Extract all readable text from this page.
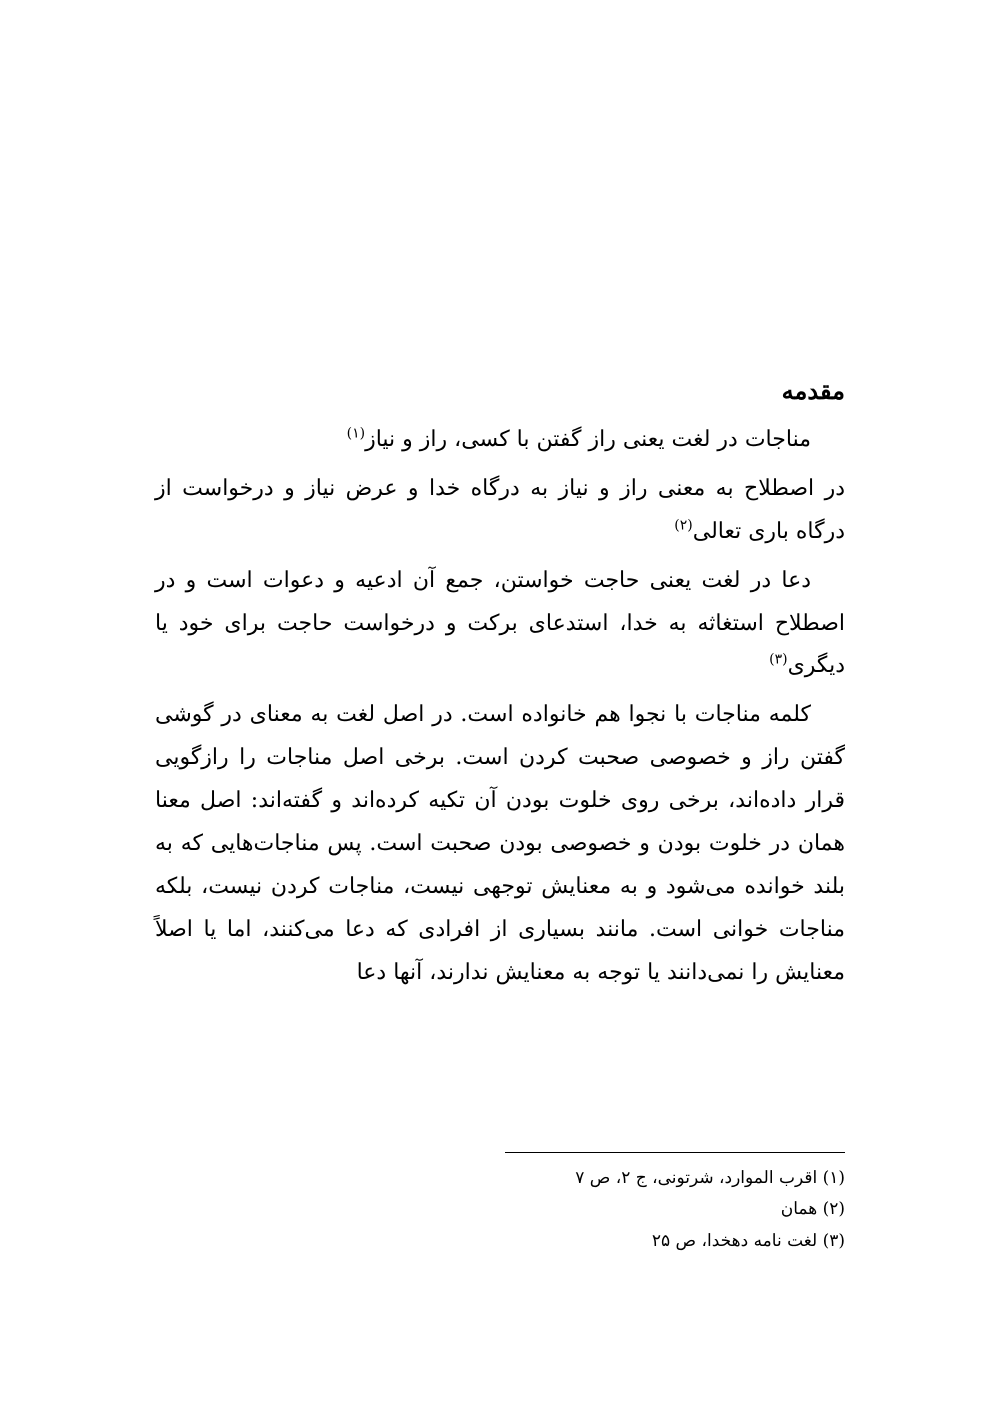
مقدمه

مناجات در لغت یعنی راز گفتن با کسی، راز و نیاز$^{(۱)}$

در اصطلاح به معنی راز و نیاز به درگاه خدا و عرض نیاز و درخواست از درگاه باری تعالی$^{(۲)}$

دعا در لغت یعنی حاجت خواستن، جمع آن ادعیه و دعوات است و در اصطلاح استغاثه به خدا، استدعای برکت و درخواست حاجت برای خود یا دیگری$^{(۳)}$

کلمه مناجات با نجوا هم خانواده است. در اصل لغت به معنای در گوشی گفتن راز و خصوصی صحبت کردن است. برخی اصل مناجات را رازگویی قرار داده‌اند، برخی روی خلوت بودن آن تکیه کرده‌اند و گفته‌اند: اصل معنا همان در خلوت بودن و خصوصی بودن صحبت است. پس مناجات‌هایی که به بلند خوانده می‌شود و به معنایش توجهی نیست، مناجات کردن نیست، بلکه مناجات خوانی است. مانند بسیاری از افرادی که دعا می‌کنند، اما یا اصلاً معنایش را نمی‌دانند یا توجه به معنایش ندارند، آنها دعا

(۱) اقرب الموارد، شرتونی، ج ۲، ص ۷

(۲) همان

(۳) لغت نامه دهخدا، ص ۲۵
